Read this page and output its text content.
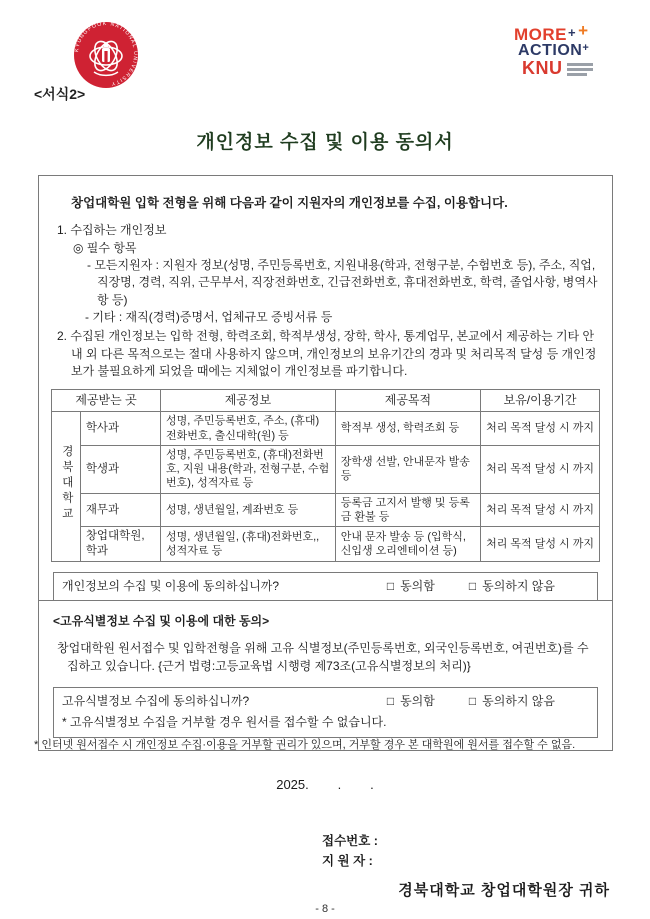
KYUNGPOOK NATIONAL UNIVERSITY
MORE + +
ACTION +
KNU
<서식2>
개인정보 수집 및 이용 동의서
창업대학원 입학 전형을 위해 다음과 같이 지원자의 개인정보를 수집, 이용합니다.
1. 수집하는 개인정보
◎ 필수 항목
- 모든지원자 : 지원자 정보(성명, 주민등록번호, 지원내용(학과, 전형구분, 수험번호 등), 주소, 직업, 직장명, 경력, 직위, 근무부서, 직장전화번호, 긴급전화번호, 휴대전화번호, 학력, 졸업사항, 병역사항 등)
- 기타 : 재직(경력)증명서, 업체규모 증빙서류 등
2. 수집된 개인정보는 입학 전형, 학력조회, 학적부생성, 장학, 학사, 통계업무, 본교에서 제공하는 기타 안내 외 다른 목적으로는 절대 사용하지 않으며, 개인정보의 보유기간의 경과 및 처리목적 달성 등 개인정보가 불필요하게 되었을 때에는 지체없이 개인정보를 파기합니다.
제공받는 곳		제공정보	제공목적	보유/이용기간
경북대학교	학사과	성명, 주민등록번호, 주소, (휴대)전화번호, 출신대학(원) 등	학적부 생성, 학력조회 등	처리 목적 달성 시 까지
	학생과	성명, 주민등록번호, (휴대)전화번호, 지원 내용(학과, 전형구분, 수험번호), 성적자료 등	장학생 선발, 안내문자 발송 등	처리 목적 달성 시 까지
	재무과	성명, 생년월일, 계좌번호 등	등록금 고지서 발행 및 등록금 환불 등	처리 목적 달성 시 까지
	창업대학원, 학과	성명, 생년월일, (휴대)전화번호,, 성적자료 등	안내 문자 발송 등 (입학식, 신입생 오리엔테이션 등)	처리 목적 달성 시 까지
개인정보의 수집 및 이용에 동의하십니까?	□ 동의함	□ 동의하지 않음
<고유식별정보 수집 및 이용에 대한 동의>
창업대학원 원서접수 및 입학전형을 위해 고유 식별정보(주민등록번호, 외국인등록번호, 여권번호)를 수집하고 있습니다. {근거 법령:고등교육법 시행령 제73조(고유식별정보의 처리)}
고유식별정보 수집에 동의하십니까?	□ 동의함	□ 동의하지 않음
* 고유식별정보 수집을 거부할 경우 원서를 접수할 수 없습니다.
* 인터넷 원서접수 시 개인정보 수집·이용을 거부할 권리가 있으며, 거부할 경우 본 대학원에 원서를 접수할 수 없음.
2025.        .        .
접수번호 :
지 원 자 :
경북대학교 창업대학원장 귀하
- 8 -
